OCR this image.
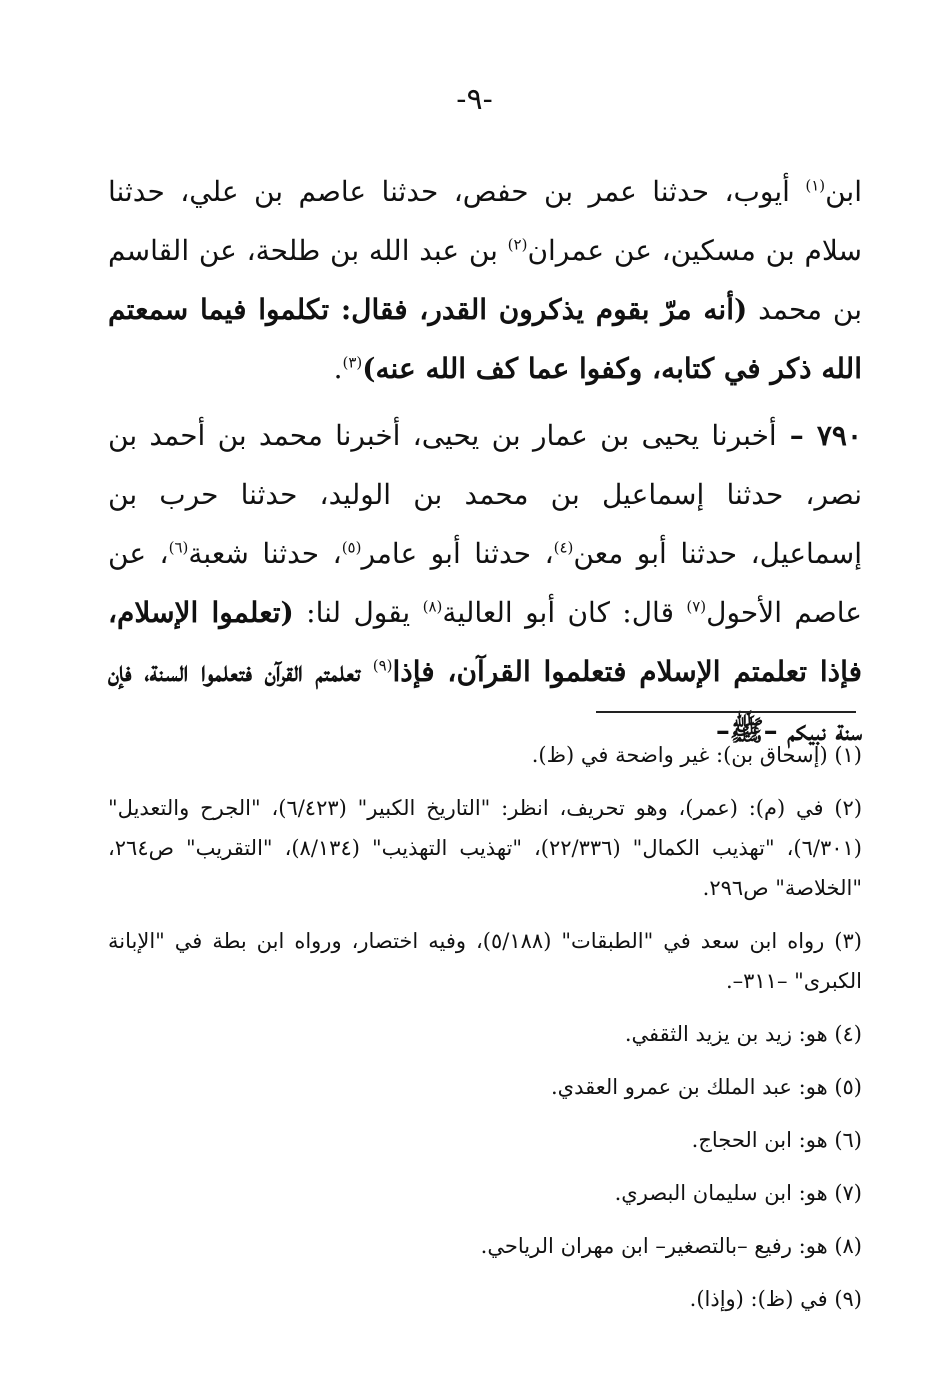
-٩-

ابن$^{(١)}$ أيوب، حدثنا عمر بن حفص، حدثنا عاصم بن علي، حدثنا سلام بن مسكين، عن عمران$^{(٢)}$ بن عبد الله بن طلحة، عن القاسم بن محمد (أنه مرّ بقوم يذكرون القدر، فقال: تكلموا فيما سمعتم الله ذكر في كتابه، وكفوا عما كف الله عنه)$^{(٣)}$.

٧٩٠ – أخبرنا يحيى بن عمار بن يحيى، أخبرنا محمد بن أحمد بن نصر، حدثنا إسماعيل بن محمد بن الوليد، حدثنا حرب بن إسماعيل، حدثنا أبو معن$^{(٤)}$، حدثنا أبو عامر$^{(٥)}$، حدثنا شعبة$^{(٦)}$، عن عاصم الأحول$^{(٧)}$ قال: كان أبو العالية$^{(٨)}$ يقول لنا: (تعلموا الإسلام، فإذا تعلمتم الإسلام فتعلموا القرآن، فإذا$^{(٩)}$ تعلمتم القرآن فتعلموا السنة، فإن سنة نبيكم –ﷺ–

(١) (إسحاق بن): غير واضحة في (ظ).

(٢) في (م): (عمر)، وهو تحريف، انظر: "التاريخ الكبير" (٦/٤٢٣)، "الجرح والتعديل" (٦/٣٠١)، "تهذيب الكمال" (٢٢/٣٣٦)، "تهذيب التهذيب" (٨/١٣٤)، "التقريب" ص٢٦٤، "الخلاصة" ص٢٩٦.

(٣) رواه ابن سعد في "الطبقات" (٥/١٨٨)، وفيه اختصار، ورواه ابن بطة في "الإبانة الكبرى" –٣١١–.

(٤) هو: زيد بن يزيد الثقفي.

(٥) هو: عبد الملك بن عمرو العقدي.

(٦) هو: ابن الحجاج.

(٧) هو: ابن سليمان البصري.

(٨) هو: رفيع –بالتصغير– ابن مهران الرياحي.

(٩) في (ظ): (وإذا).
